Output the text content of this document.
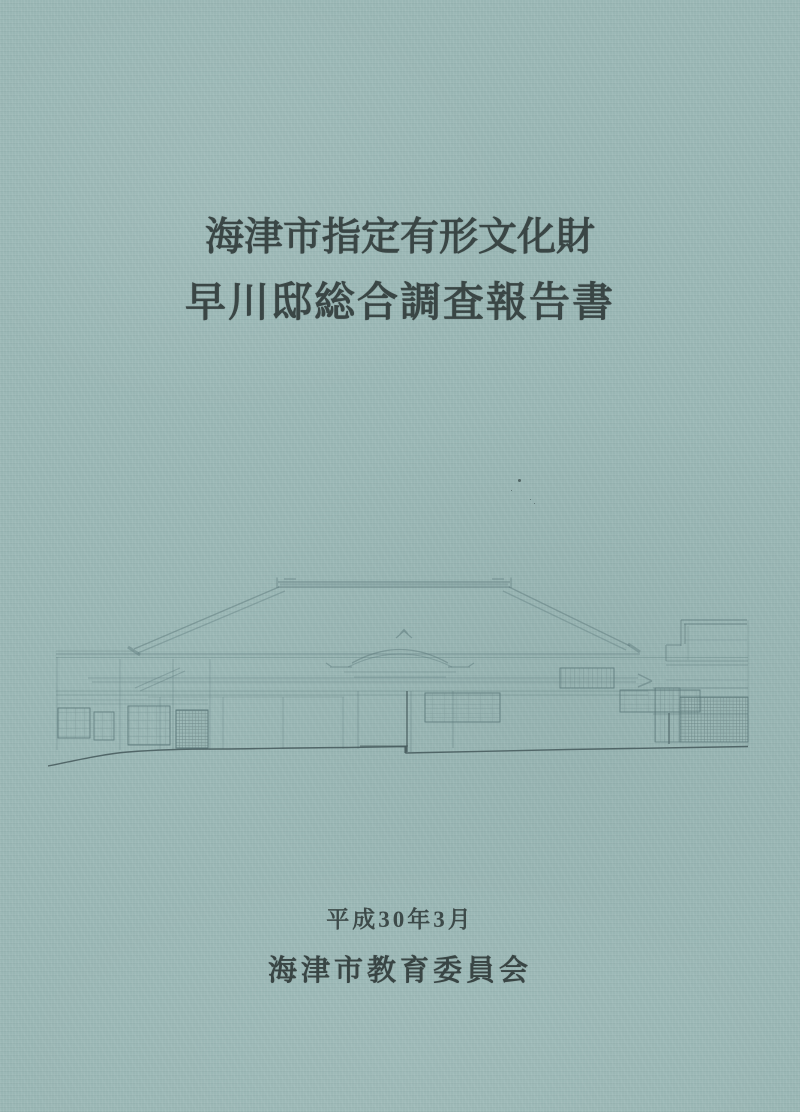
海津市指定有形文化財
早川邸総合調査報告書
平成30年3月
海津市教育委員会
